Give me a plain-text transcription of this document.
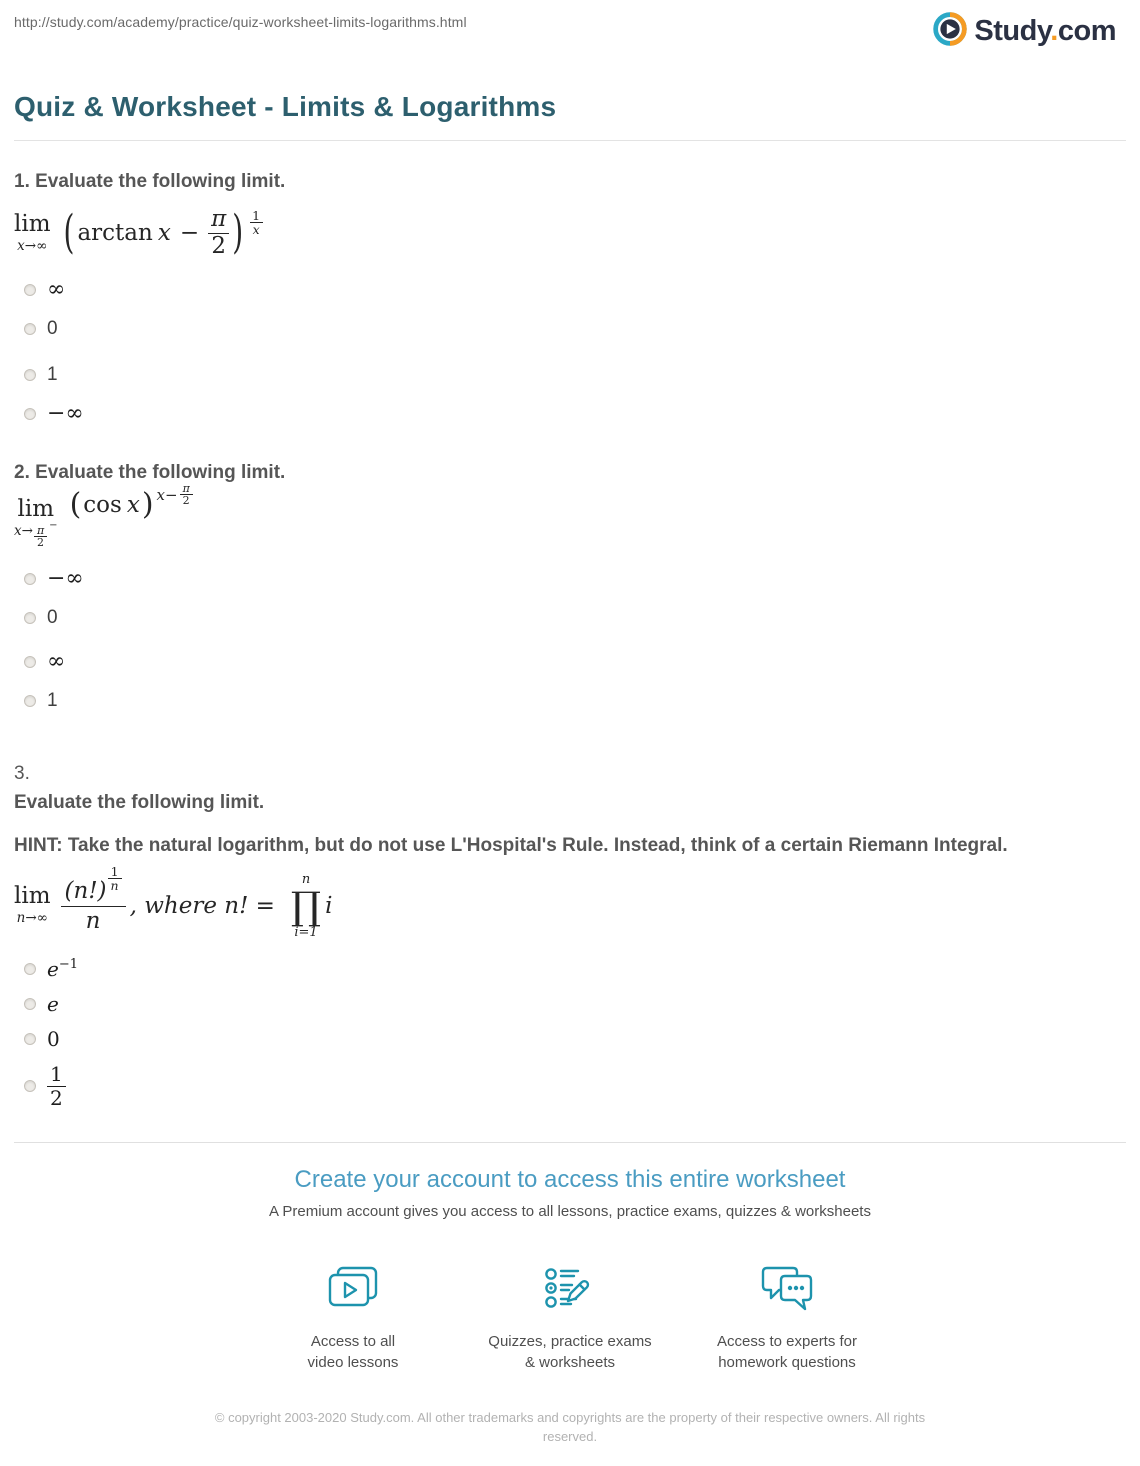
http://study.com/academy/practice/quiz-worksheet-limits-logarithms.html	Study.com
Quiz & Worksheet - Limits & Logarithms
1. Evaluate the following limit.
lim
x→∞ ( $\arctan x - \frac{\pi}{2}$ ) $\frac{1}{x}$
∞
0
1
−∞
2. Evaluate the following limit.
lim
$x\to \frac{\pi}{2}$ −
( cos x ) $x- \frac{\pi}{2}$
−∞
0
∞
1
3.
Evaluate the following limit.
HINT: Take the natural logarithm, but do not use L'Hospital's Rule. Instead, think of a certain Riemann Integral.
lim
n→∞
$(n!) \frac{1}{n}$
n
, where n! =
n
∏
i=1
i
$e^{-1}$
e
0
$\frac{1}{2}$
Create your account to access this entire worksheet
A Premium account gives you access to all lessons, practice exams, quizzes & worksheets
Access to all
video lessons
Quizzes, practice exams
& worksheets
Access to experts for
homework questions
© copyright 2003-2020 Study.com. All other trademarks and copyrights are the property of their respective owners. All rights reserved.
